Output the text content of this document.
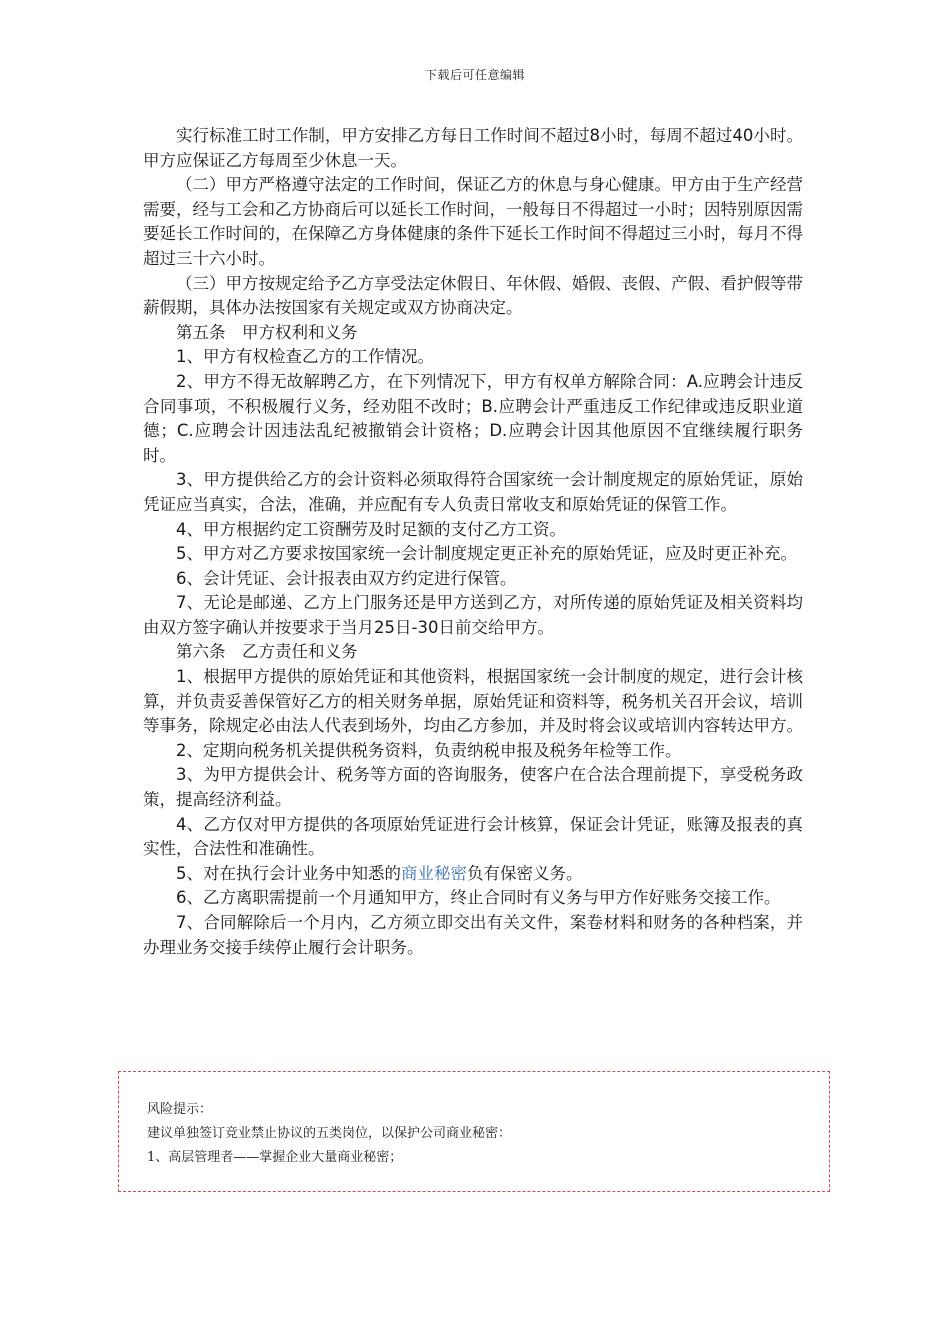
下载后可任意编辑

实行标准工时工作制，甲方安排乙方每日工作时间不超过8小时，每周不超过40小时。甲方应保证乙方每周至少休息一天。

（二）甲方严格遵守法定的工作时间，保证乙方的休息与身心健康。甲方由于生产经营需要，经与工会和乙方协商后可以延长工作时间，一般每日不得超过一小时；因特别原因需要延长工作时间的，在保障乙方身体健康的条件下延长工作时间不得超过三小时，每月不得超过三十六小时。

（三）甲方按规定给予乙方享受法定休假日、年休假、婚假、丧假、产假、看护假等带薪假期，具体办法按国家有关规定或双方协商决定。

第五条　甲方权利和义务

1、甲方有权检查乙方的工作情况。

2、甲方不得无故解聘乙方，在下列情况下，甲方有权单方解除合同：A.应聘会计违反合同事项，不积极履行义务，经劝阻不改时；B.应聘会计严重违反工作纪律或违反职业道德；C.应聘会计因违法乱纪被撤销会计资格；D.应聘会计因其他原因不宜继续履行职务时。

3、甲方提供给乙方的会计资料必须取得符合国家统一会计制度规定的原始凭证，原始凭证应当真实，合法，准确，并应配有专人负责日常收支和原始凭证的保管工作。

4、甲方根据约定工资酬劳及时足额的支付乙方工资。

5、甲方对乙方要求按国家统一会计制度规定更正补充的原始凭证，应及时更正补充。

6、会计凭证、会计报表由双方约定进行保管。

7、无论是邮递、乙方上门服务还是甲方送到乙方，对所传递的原始凭证及相关资料均由双方签字确认并按要求于当月25日-30日前交给甲方。

第六条　乙方责任和义务

1、根据甲方提供的原始凭证和其他资料，根据国家统一会计制度的规定，进行会计核算，并负责妥善保管好乙方的相关财务单据，原始凭证和资料等，税务机关召开会议，培训等事务，除规定必由法人代表到场外，均由乙方参加，并及时将会议或培训内容转达甲方。

2、定期向税务机关提供税务资料，负责纳税申报及税务年检等工作。

3、为甲方提供会计、税务等方面的咨询服务，使客户在合法合理前提下，享受税务政策，提高经济利益。

4、乙方仅对甲方提供的各项原始凭证进行会计核算，保证会计凭证，账簿及报表的真实性，合法性和准确性。

5、对在执行会计业务中知悉的商业秘密负有保密义务。

6、乙方离职需提前一个月通知甲方，终止合同时有义务与甲方作好账务交接工作。

7、合同解除后一个月内，乙方须立即交出有关文件，案卷材料和财务的各种档案，并办理业务交接手续停止履行会计职务。

风险提示：
建议单独签订竞业禁止协议的五类岗位，以保护公司商业秘密：
1、高层管理者——掌握企业大量商业秘密；
